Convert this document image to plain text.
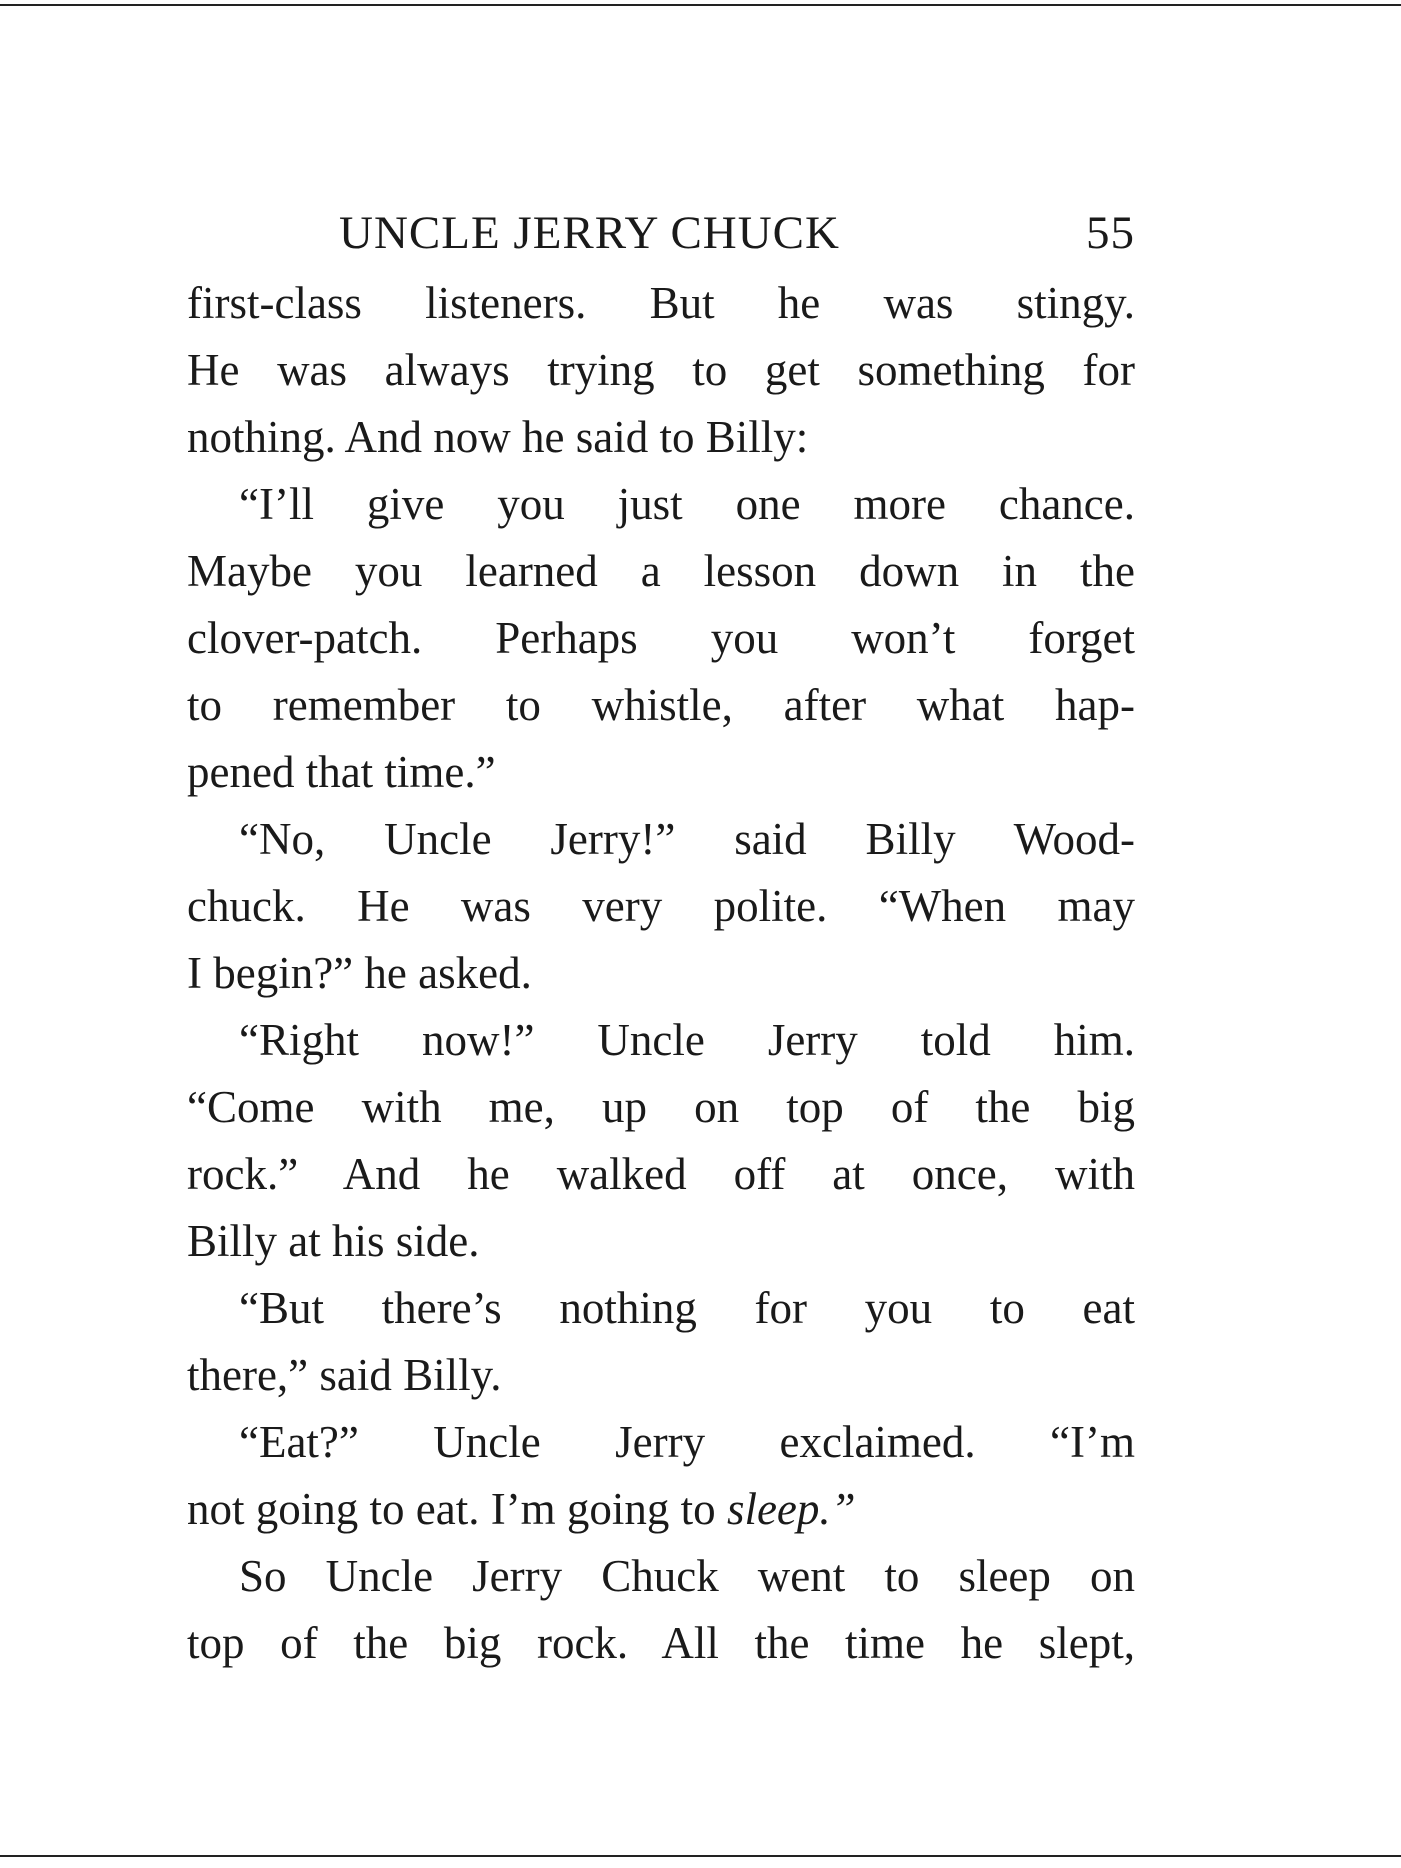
UNCLE JERRY CHUCK	55

first-class listeners. But he was stingy.
He was always trying to get something for
nothing. And now he said to Billy:

“I’ll give you just one more chance.
Maybe you learned a lesson down in the
clover-patch. Perhaps you won’t forget
to remember to whistle, after what hap-
pened that time.”

“No, Uncle Jerry!” said Billy Wood-
chuck. He was very polite. “When may
I begin?” he asked.

“Right now!” Uncle Jerry told him.
“Come with me, up on top of the big
rock.” And he walked off at once, with
Billy at his side.

“But there’s nothing for you to eat
there,” said Billy.

“Eat?” Uncle Jerry exclaimed. “I’m
not going to eat. I’m going to sleep.”

So Uncle Jerry Chuck went to sleep on
top of the big rock. All the time he slept,
